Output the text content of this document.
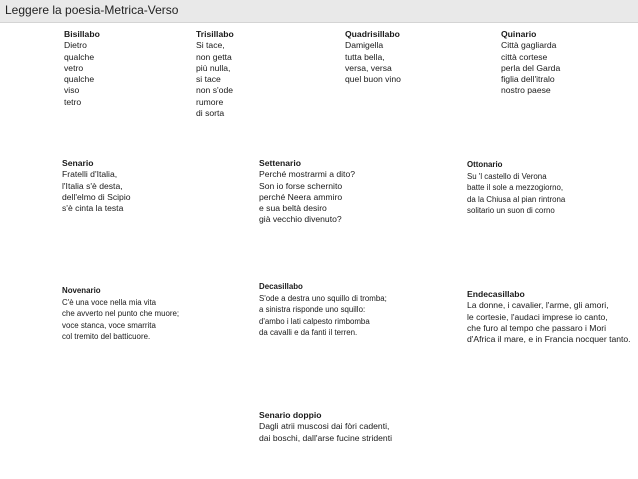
Leggere la poesia-Metrica-Verso
Bisillabo
Dietro
qualche
vetro
qualche
viso
tetro
Trisillabo
Si tace,
non getta
più nulla,
si tace
non s'ode
rumore
di sorta
Quadrisillabo
Damigella
tutta bella,
versa, versa
quel buon vino
Quinario
Città gagliarda
città cortese
perla del Garda
figlia dell'itralo
nostro paese
Senario
Fratelli d'Italia,
l'Italia s'è desta,
dell'elmo di Scipio
s'è cinta la testa
Settenario
Perché mostrarmi a dito?
Son io forse schernito
perché Neera ammiro
e sua beltà desiro
già vecchio divenuto?
Ottonario
Su 'l castello di Verona
batte il sole a mezzogiorno,
da la Chiusa al pian rintrona
solitario un suon di corno
Novenario
C'è una voce nella mia vita
che avverto nel punto che muore;
voce stanca, voce smarrita
col tremito del batticuore.
Decasillabo
S'ode a destra uno squillo di tromba;
a sinistra risponde uno squillo:
d'ambo i lati calpesto rimbomba
da cavalli e da fanti il terren.
Endecasillabo
La donne, i cavalier, l'arme, gli amori,
le cortesie, l'audaci imprese io canto,
che furo al tempo che passaro i Mori
d'Africa il mare, e in Francia nocquer tanto.
Senario doppio
Dagli atrii muscosi dai fòri cadenti,
dai boschi, dall'arse fucine stridenti
